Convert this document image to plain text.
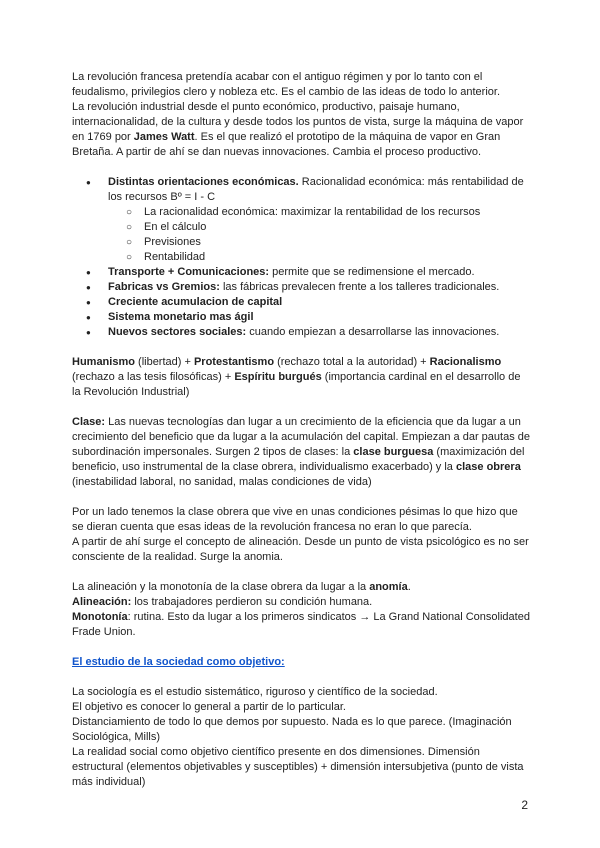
La revolución francesa pretendía acabar con el antiguo régimen y por lo tanto con el feudalismo, privilegios clero y nobleza etc. Es el cambio de las ideas de todo lo anterior.
La revolución industrial desde el punto económico, productivo, paisaje humano, internacionalidad, de la cultura y desde todos los puntos de vista, surge la máquina de vapor en 1769 por James Watt. Es el que realizó el prototipo de la máquina de vapor en Gran Bretaña. A partir de ahí se dan nuevas innovaciones. Cambia el proceso productivo.

● Distintas orientaciones económicas. Racionalidad económica: más rentabilidad de los recursos Bº = I - C
○ La racionalidad económica: maximizar la rentabilidad de los recursos
○ En el cálculo
○ Previsiones
○ Rentabilidad
● Transporte + Comunicaciones: permite que se redimensione el mercado.
● Fabricas vs Gremios: las fábricas prevalecen frente a los talleres tradicionales.
● Creciente acumulacion de capital
● Sistema monetario mas ágil
● Nuevos sectores sociales: cuando empiezan a desarrollarse las innovaciones.

Humanismo (libertad) + Protestantismo (rechazo total a la autoridad) + Racionalismo (rechazo a las tesis filosóficas) + Espíritu burgués (importancia cardinal en el desarrollo de la Revolución Industrial)

Clase: Las nuevas tecnologías dan lugar a un crecimiento de la eficiencia que da lugar a un crecimiento del beneficio que da lugar a la acumulación del capital. Empiezan a dar pautas de subordinación impersonales. Surgen 2 tipos de clases: la clase burguesa (maximización del beneficio, uso instrumental de la clase obrera, individualismo exacerbado) y la clase obrera (inestabilidad laboral, no sanidad, malas condiciones de vida)

Por un lado tenemos la clase obrera que vive en unas condiciones pésimas lo que hizo que se dieran cuenta que esas ideas de la revolución francesa no eran lo que parecía.
A partir de ahí surge el concepto de alineación. Desde un punto de vista psicológico es no ser consciente de la realidad. Surge la anomia.

La alineación y la monotonía de la clase obrera da lugar a la anomía.
Alineación: los trabajadores perdieron su condición humana.
Monotonía: rutina. Esto da lugar a los primeros sindicatos → La Grand National Consolidated Frade Union.

El estudio de la sociedad como objetivo:

La sociología es el estudio sistemático, riguroso y científico de la sociedad.
El objetivo es conocer lo general a partir de lo particular.
Distanciamiento de todo lo que demos por supuesto. Nada es lo que parece. (Imaginación Sociológica, Mills)
La realidad social como objetivo científico presente en dos dimensiones. Dimensión estructural (elementos objetivables y susceptibles) + dimensión intersubjetiva (punto de vista más individual)

2
